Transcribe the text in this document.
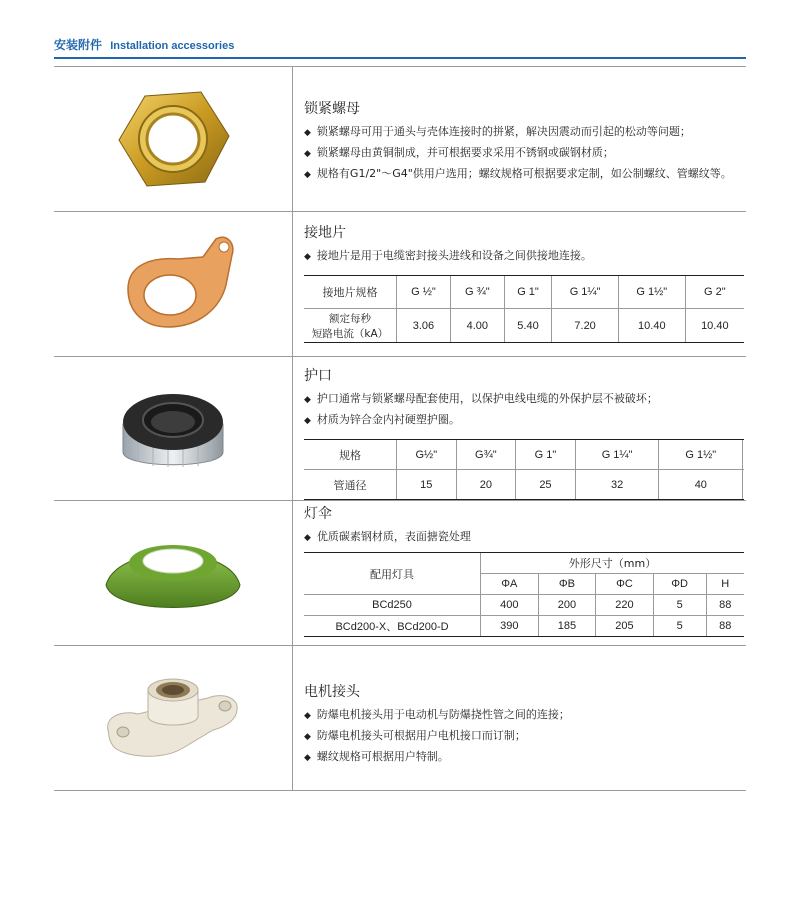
安装附件 Installation accessories
锁紧螺母
◆ 锁紧螺母可用于通头与壳体连接时的拼紧，解决因震动而引起的松动等问题；
◆ 锁紧螺母由黄铜制成，并可根据要求采用不锈钢或碳钢材质；
◆ 规格有G1/2"～G4"供用户选用；螺纹规格可根据要求定制，如公制螺纹、管螺纹等。
接地片
◆ 接地片是用于电缆密封接头进线和设备之间供接地连接。
接地片规格	G ½"	G ¾"	G 1"	G 1¼"	G 1½"	G 2"
额定每秒
短路电流（kA）	3.06	4.00	5.40	7.20	10.40	10.40
护口
◆ 护口通常与锁紧螺母配套使用，以保护电线电缆的外保护层不被破坏；
◆ 材质为锌合金内衬硬塑护圈。
规格	G½"	G¾"	G 1"	G 1¼"	G 1½"	
管通径	15	20	25	32	40	
灯伞
◆ 优质碳素钢材质，表面搪瓷处理
配用灯具	外形尺寸（mm）				
	ΦA	ΦB	ΦC	ΦD	H
BCd250	400	200	220	5	88
BCd200-X、BCd200-D	390	185	205	5	88
电机接头
◆ 防爆电机接头用于电动机与防爆挠性管之间的连接；
◆ 防爆电机接头可根据用户电机接口而订制；
◆ 螺纹规格可根据用户特制。
